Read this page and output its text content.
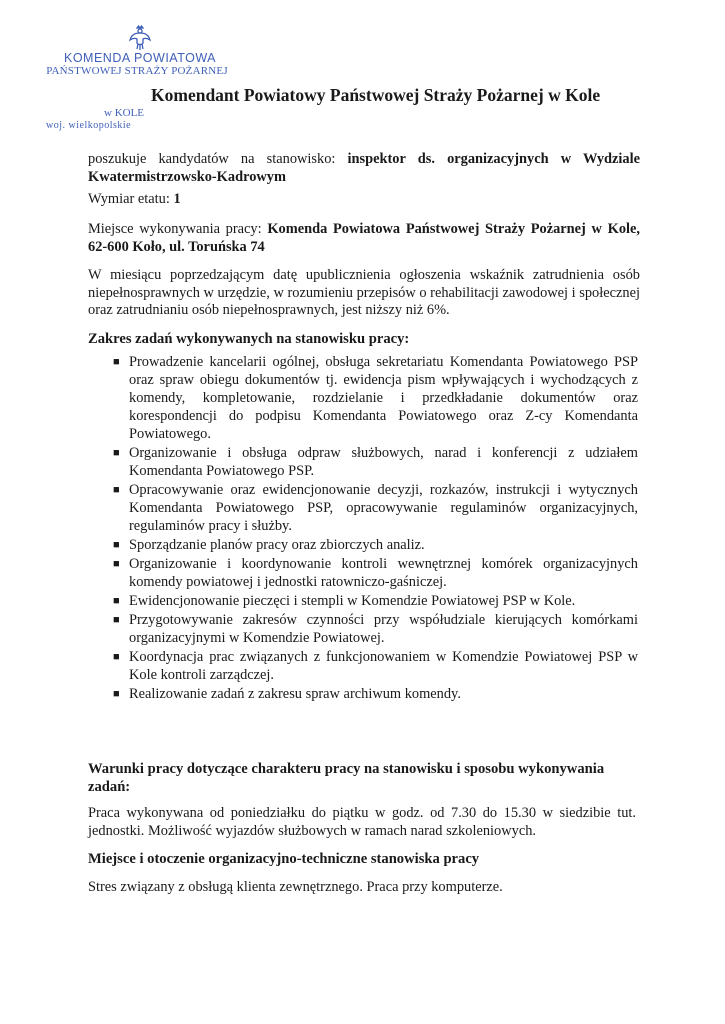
KOMENDA POWIATOWA
PAŃSTWOWEJ STRAŻY POŻARNEJ
w KOLE
woj. wielkopolskie
Komendant Powiatowy Państwowej Straży Pożarnej w Kole
poszukuje kandydatów na stanowisko: inspektor ds. organizacyjnych w Wydziale Kwatermistrzowsko-Kadrowym
Wymiar etatu: 1
Miejsce wykonywania pracy: Komenda Powiatowa Państwowej Straży Pożarnej w Kole, 62-600 Koło, ul. Toruńska 74
W miesiącu poprzedzającym datę upublicznienia ogłoszenia wskaźnik zatrudnienia osób niepełnosprawnych w urzędzie, w rozumieniu przepisów o rehabilitacji zawodowej i społecznej oraz zatrudnianiu osób niepełnosprawnych, jest niższy niż 6%.
Zakres zadań wykonywanych na stanowisku pracy:
■ Prowadzenie kancelarii ogólnej, obsługa sekretariatu Komendanta Powiatowego PSP oraz spraw obiegu dokumentów tj. ewidencja pism wpływających i wychodzących z komendy, kompletowanie, rozdzielanie i przedkładanie dokumentów oraz korespondencji do podpisu Komendanta Powiatowego oraz Z-cy Komendanta Powiatowego.
■ Organizowanie i obsługa odpraw służbowych, narad i konferencji z udziałem Komendanta Powiatowego PSP.
■ Opracowywanie oraz ewidencjonowanie decyzji, rozkazów, instrukcji i wytycznych Komendanta Powiatowego PSP, opracowywanie regulaminów organizacyjnych, regulaminów pracy i służby.
■ Sporządzanie planów pracy oraz zbiorczych analiz.
■ Organizowanie i koordynowanie kontroli wewnętrznej komórek organizacyjnych komendy powiatowej i jednostki ratowniczo-gaśniczej.
■ Ewidencjonowanie pieczęci i stempli w Komendzie Powiatowej PSP w Kole.
■ Przygotowywanie zakresów czynności przy współudziale kierujących komórkami organizacyjnymi w Komendzie Powiatowej.
■ Koordynacja prac związanych z funkcjonowaniem w Komendzie Powiatowej PSP w Kole kontroli zarządczej.
■ Realizowanie zadań z zakresu spraw archiwum komendy.
Warunki pracy dotyczące charakteru pracy na stanowisku i sposobu wykonywania zadań:
Praca wykonywana od poniedziałku do piątku w godz. od 7.30 do 15.30 w siedzibie tut. jednostki. Możliwość wyjazdów służbowych w ramach narad szkoleniowych.
Miejsce i otoczenie organizacyjno-techniczne stanowiska pracy
Stres związany z obsługą klienta zewnętrznego. Praca przy komputerze.
